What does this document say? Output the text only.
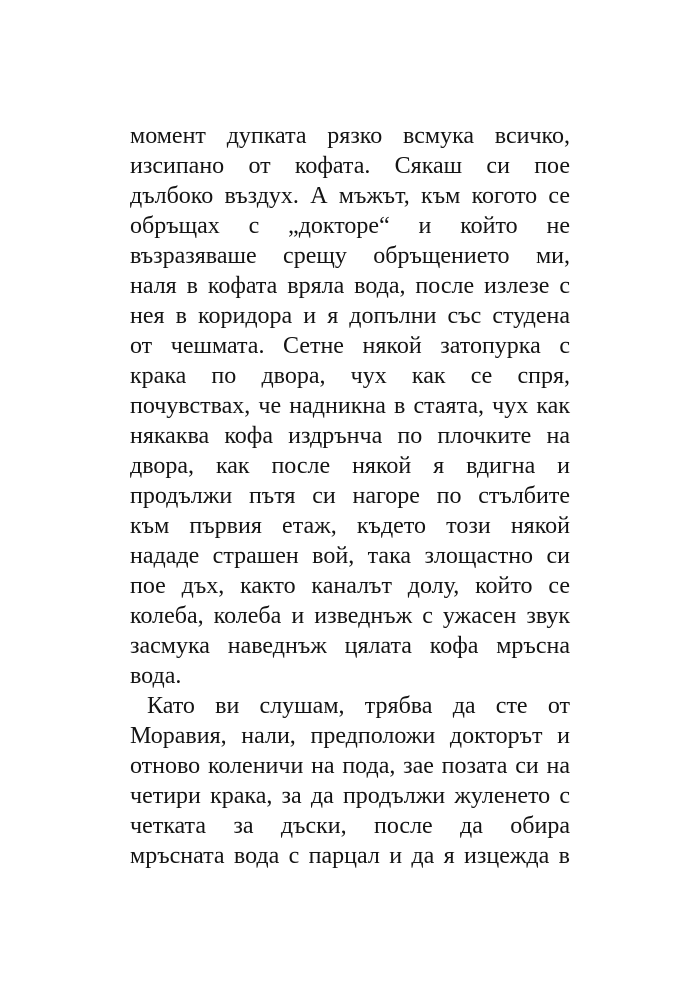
момент дупката рязко всмука всичко,
изсипано от кофата. Сякаш си пое
дълбоко въздух. А мъжът, към когото се
обръщах с „докторе“ и който не
възразяваше срещу обръщението ми,
наля в кофата вряла вода, после излезе с
нея в коридора и я допълни със студена
от чешмата. Сетне някой затопурка с
крака по двора, чух как се спря,
почувствах, че надникна в стаята, чух как
някаква кофа издрънча по плочките на
двора, как после някой я вдигна и
продължи пътя си нагоре по стълбите
към първия етаж, където този някой
нададе страшен вой, така злощастно си
пое дъх, както каналът долу, който се
колеба, колеба и изведнъж с ужасен звук
засмука наведнъж цялата кофа мръсна
вода.
Като ви слушам, трябва да сте от
Моравия, нали, предположи докторът и
отново коленичи на пода, зае позата си на
четири крака, за да продължи жуленето с
четката за дъски, после да обира
мръсната вода с парцал и да я изцежда в
